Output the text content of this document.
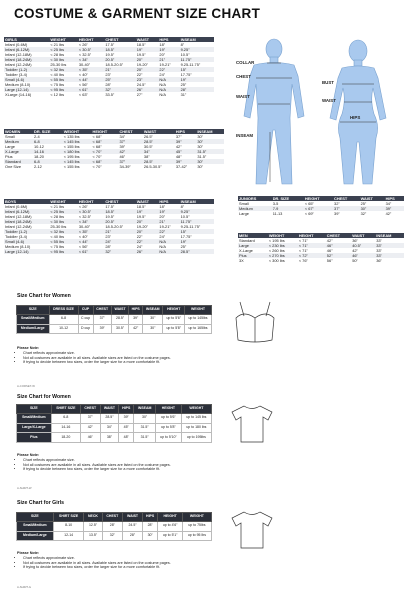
COSTUME & GARMENT SIZE CHART
GIRLS	WEIGHT	HEIGHT	CHEST	WAIST	HIPS	INSEAM
Infant (0-6M)	< 21 lbs	< 26"	17.5"	18.5"	18"	8"
Infant (6-12M)	< 25 lbs	< 30.5"	18.5"	19"	19"	9.25"
Infant (12-18M)	< 28 lbs	< 32.5"	19.5"	19.5"	20"	10.5"
Infant (18-24M)	< 30 lbs	< 34"	20.5"	20"	21"	11.75"
Infant (12-24M)	25-30 lbs	30-40"	18.5-20.5"	19-20"	19-21"	9.25-11.75"
Toddler (1-2)	< 32 lbs	< 35"	21"	20"	22"	15"
Toddler (3-4)	< 40 lbs	< 40"	23"	22"	24"	17.75"
Small (4-6)	< 55 lbs	< 44"	25"	23"	N/A	19"
Medium (8-10)	< 75 lbs	< 56"	28"	24.5"	N/A	25"
Large (12-14)	< 95 lbs	< 61"	32"	26"	N/A	28"
XLarge (14-16)	< 12 lbs	< 63"	33.5"	27"	N/A	31"
WOMEN	DR. SIZE	WEIGHT	HEIGHT	CHEST	WAIST	HIPS	INSEAM
Small	2-4	< 135 lbs	< 68"	34"	26.5"	37"	30"
Medium	6-8	< 145 lbs	< 68"	37"	28.5"	39"	30"
Large	10-12	< 155 lbs	< 68"	39"	30.5"	42"	30"
X-Large	14-16	< 180 lbs	< 70"	42"	34"	45"	31.5"
Plus	18-20	< 195 lbs	< 70"	46"	38"	48"	31.5"
Standard	6-8	< 145 lbs	< 68"	37"	28.5"	39"	30"
One Size	2-12	< 155 lbs	< 70"	34-39"	26.5-30.5"	37-42"	30"
BOYS	WEIGHT	HEIGHT	CHEST	WAIST	HIPS	INSEAM
Infant (0-6M)	< 21 lbs	< 26"	17.5"	18.5"	18"	8"
Infant (6-12M)	< 25 lbs	< 30.5"	18.5"	19"	19"	9.25"
Infant (12-18M)	< 28 lbs	< 32.5"	19.5"	19.5"	20"	10.5"
Infant (18-24M)	< 30 lbs	< 34"	20.5"	20"	21"	11.75"
Infant (12-24M)	25-30 lbs	30-40"	18.5-20.5"	19-20"	19-21"	9.25-11.75"
Toddler (1-2)	< 32 lbs	< 35"	21"	20"	22"	15"
Toddler (3-4)	< 40 lbs	< 40"	23"	22"	24"	17.75"
Small (4-6)	< 55 lbs	< 44"	24"	22"	N/A	19"
Medium (8-10)	< 75 lbs	< 56"	28"	24"	N/A	25"
Large (12-14)	< 95 lbs	< 61"	32"	26"	N/A	28.5"
JUNIORS	DR. SIZE	HEIGHT	CHEST	WAIST	HIPS
Small	3-5	< 65"	32"	25"	34"
Medium	7-9	< 67"	37"	30"	39"
Large	11-13	< 69"	39"	32"	42"
MEN	WEIGHT	HEIGHT	CHEST	WAIST	INSEAM
Standard	< 195 lbs	< 71"	42"	36"	33"
Large	< 230 lbs	< 71"	46"	40.5"	33"
X-Large	< 260 lbs	< 71"	46"	42"	33"
Plus	< 270 lbs	< 72"	52"	46"	33"
3X	< 300 lbs	< 76"	56"	50"	36"
COLLAR
CHEST
WAIST
INSEAM
BUST
WAIST
HIPS
Size Chart for Women
SIZE	DRESS SIZE	CUP	CHEST	WAIST	HIPS	INSEAM	HEIGHT	WEIGHT
Small/Medium	6-8	C cup	37"	28.5"	39"	30"	up to 5'6"	up to 145lbs
Medium/Large	10-12	D cup	39"	30.5"	42"	30"	up to 5'8"	up to 165lbs
Please Note:
• Chart reflects approximate size.
• Not all costumes are available in all sizes. Available sizes are listed on the costume pages.
• If trying to decide between two sizes, order the larger size for a more comfortable fit.
A-CORSET-W
Size Chart for Women
SIZE	SHIRT SIZE	CHEST	WAIST	HIPS	INSEAM	HEIGHT	WEIGHT
Small/Medium	6-8	37"	28.5"	39"	30"	up to 5'6"	up to 145 lbs
Large/X-Large	14-16	42"	34"	45"	31.5"	up to 5'8"	up to 180 lbs
Plus	18-20	46"	38"	48"	31.5"	up to 5'10"	up to 195lbs
Please Note:
• Chart reflects approximate size.
• Not all costumes are available in all sizes. Available sizes are listed on the costume pages.
• If trying to decide between two sizes, order the larger size for a more comfortable fit.
A-SHIRT-W
Size Chart for Girls
SIZE	SHIRT SIZE	NECK	CHEST	WAIST	HIPS	HEIGHT	WEIGHT
Small/Medium	8-10	12.5"	28"	24.5"	28"	up to 4'6"	up to 75lbs
Medium/Large	12-14	13.5"	32"	28"	30"	up to 5'1"	up to 95 lbs
Please Note:
• Chart reflects approximate size.
• Not all costumes are available in all sizes. Available sizes are listed on the costume pages.
• If trying to decide between two sizes, order the larger size for a more comfortable fit.
A-SHIRT-G
